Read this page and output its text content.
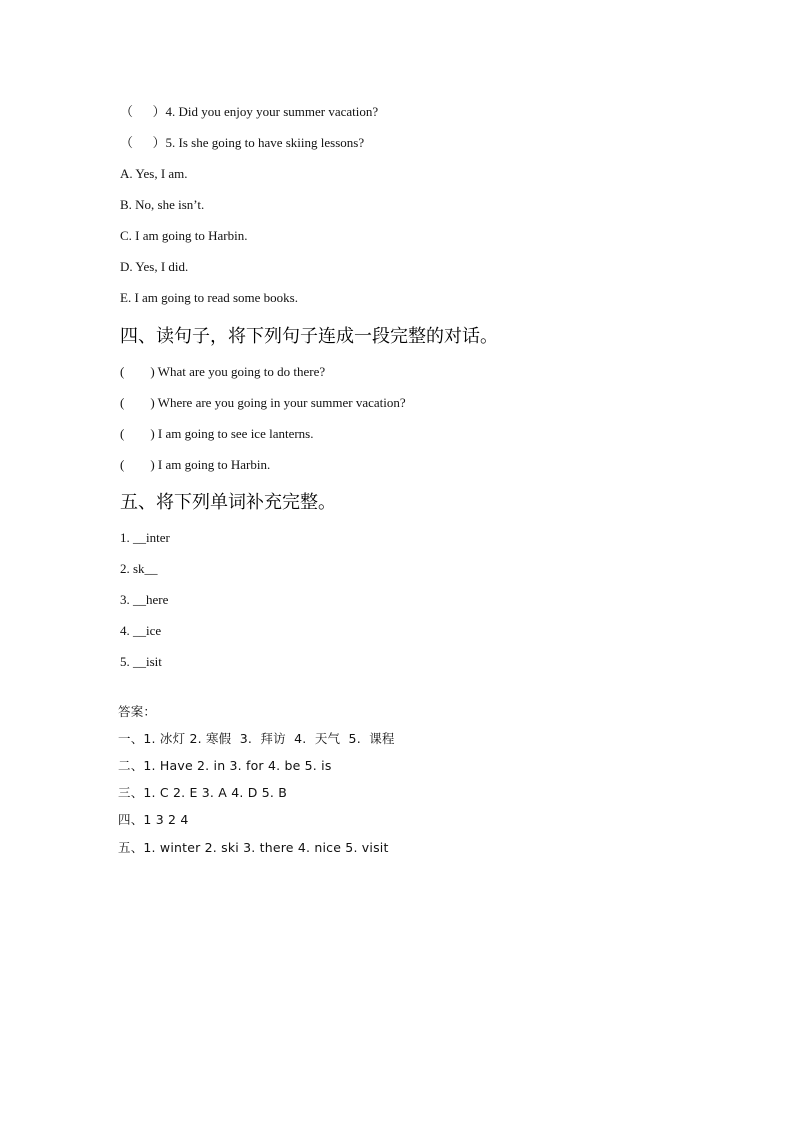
（      ）4. Did you enjoy your summer vacation?
（      ）5. Is she going to have skiing lessons?
A. Yes, I am.
B. No, she isn’t.
C. I am going to Harbin.
D. Yes, I did.
E. I am going to read some books.
四、读句子，将下列句子连成一段完整的对话。
(        ) What are you going to do there?
(        ) Where are you going in your summer vacation?
(        ) I am going to see ice lanterns.
(        ) I am going to Harbin.
五、将下列单词补充完整。
1. __inter
2. sk__
3. __here
4. __ice
5. __isit
答案：
一、1. 冰灯 2. 寒假  3.  拜访  4.  天气  5.  课程
二、1. Have 2. in 3. for 4. be 5. is
三、1. C 2. E 3. A 4. D 5. B
四、1 3 2 4
五、1. winter 2. ski 3. there 4. nice 5. visit
